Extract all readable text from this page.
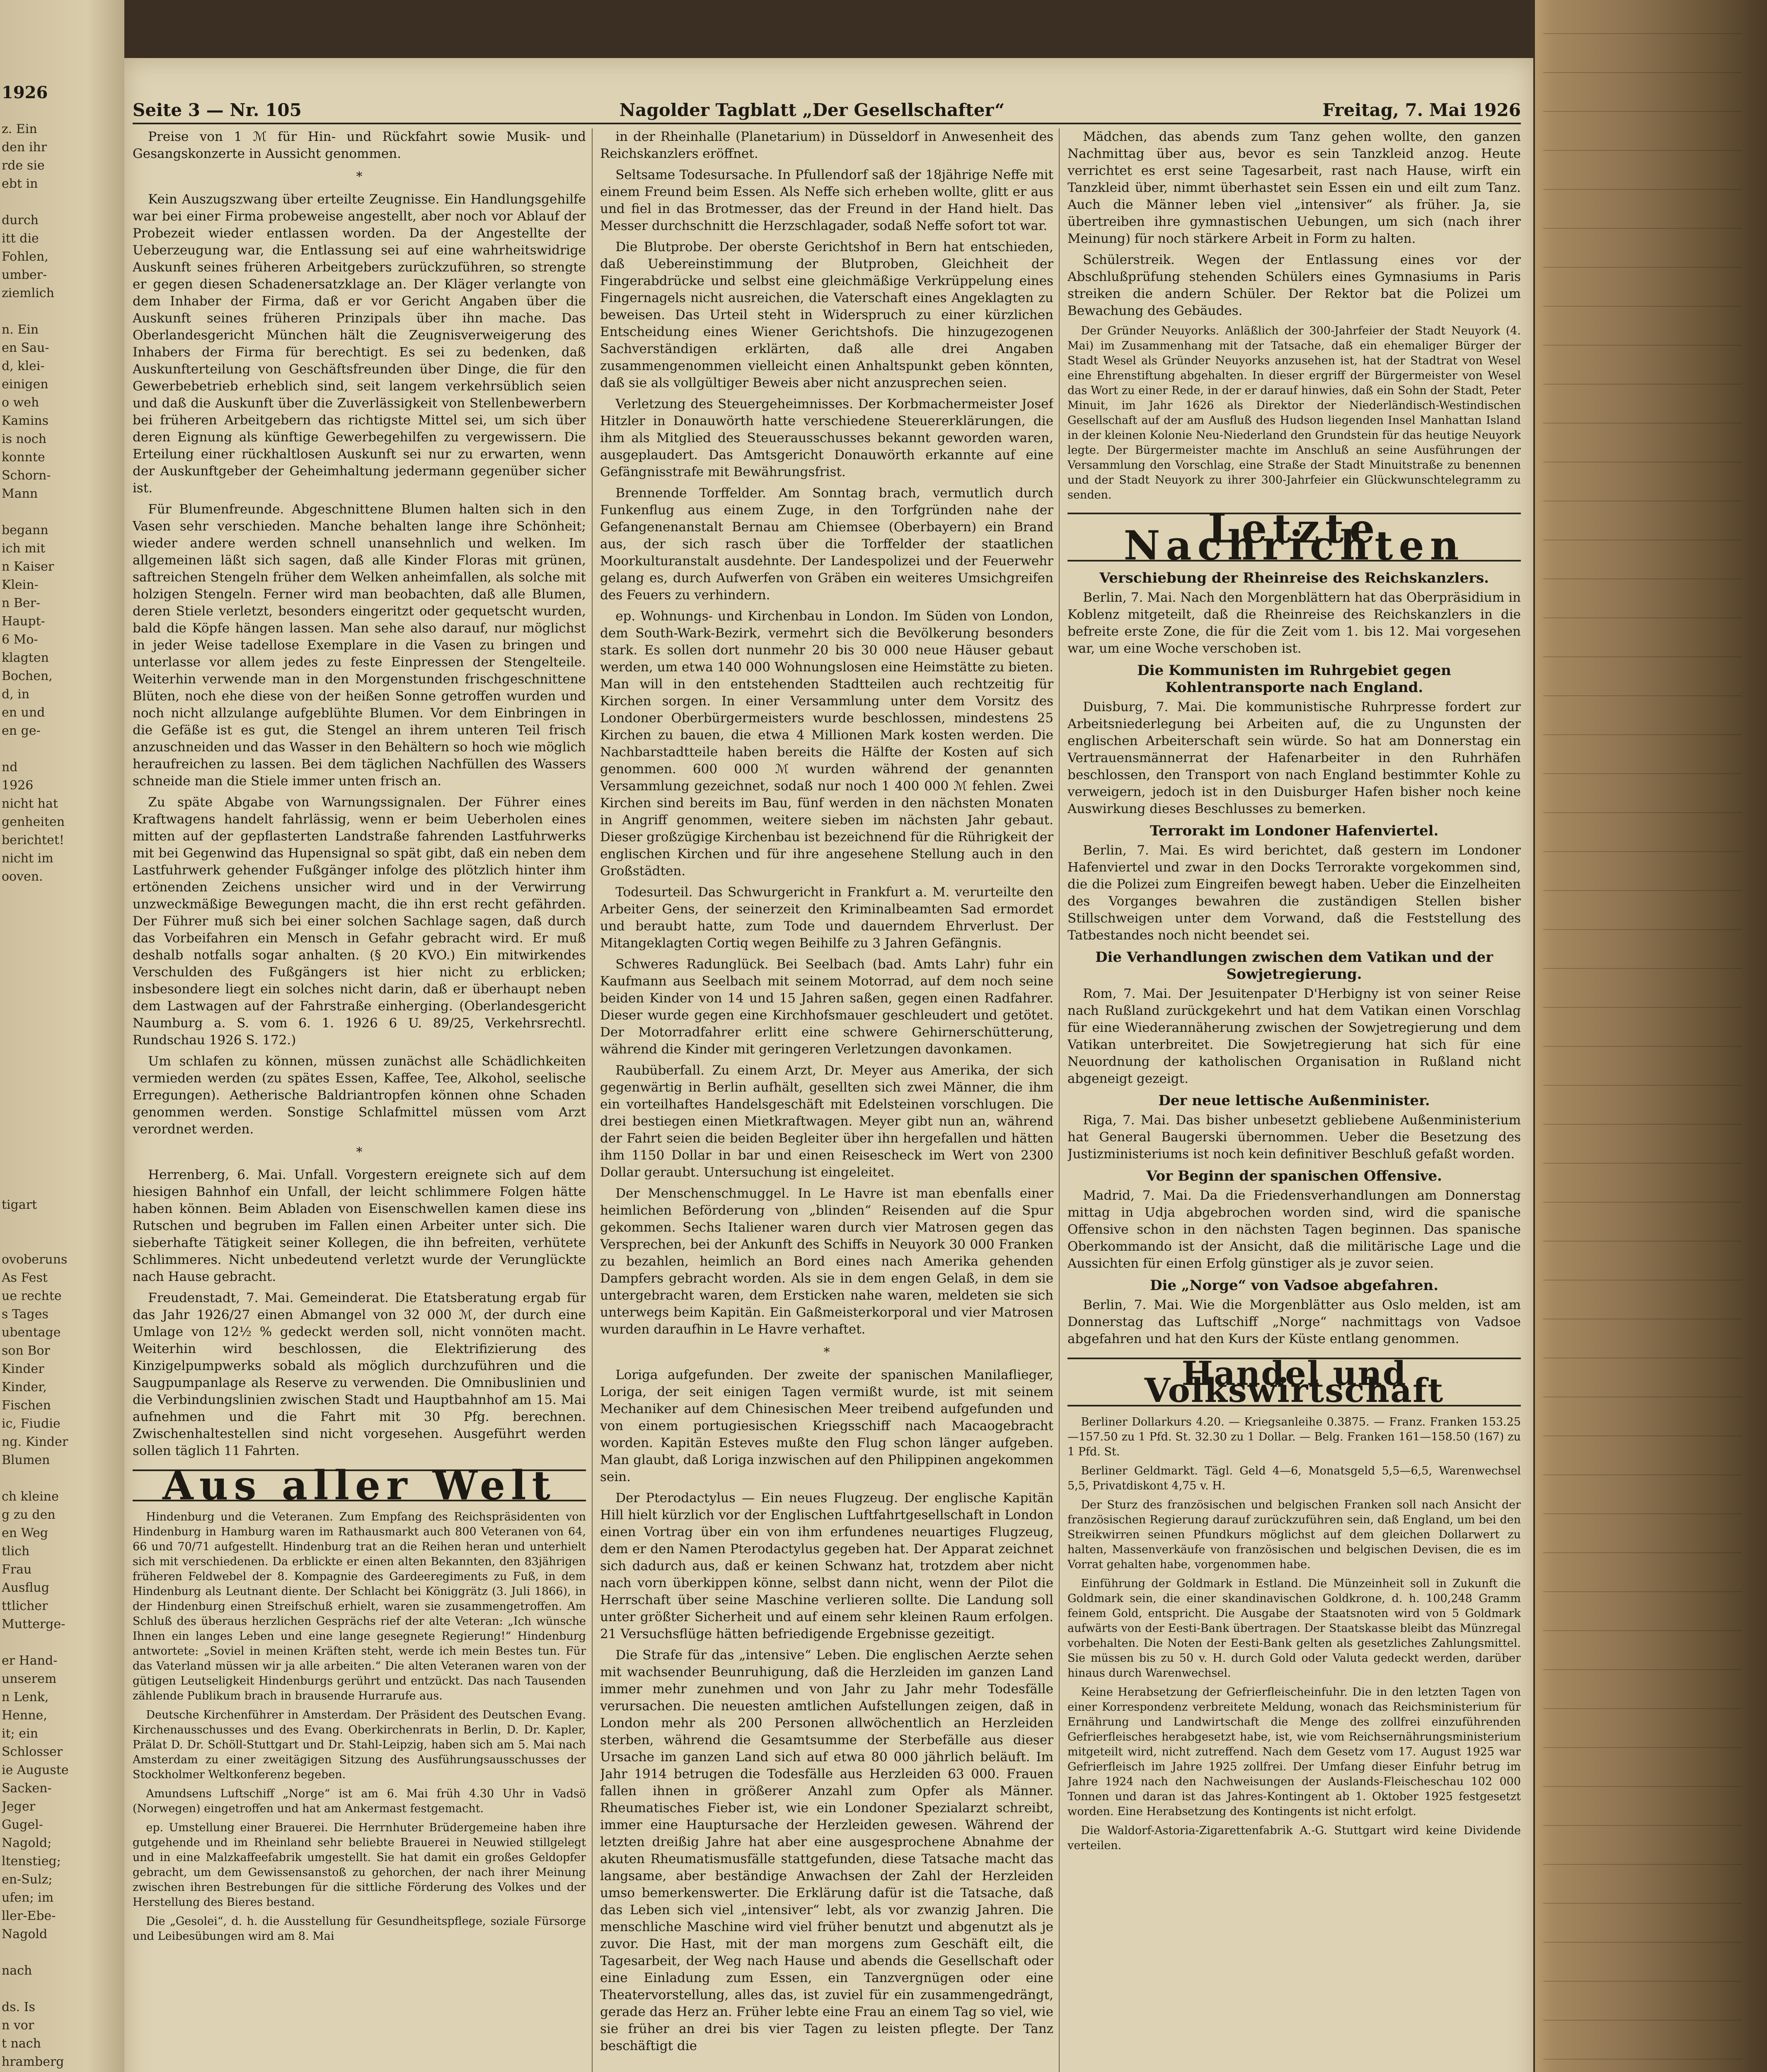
1926
z. Ein
den ihr
rde sie
ebt in

durch
itt die
Fohlen,
umber-
ziemlich

n. Ein
en Sau-
d, klei-
einigen
o weh
Kamins
is noch
konnte
Schorn-
Mann

begann
ich mit
n Kaiser
Klein-
n Ber-
Haupt-
6 Mo-
klagten
Bochen,
d, in
en und
en ge-

nd
1926
nicht hat
genheiten
berichtet!
nicht im
ooven.

tigart

ovoberuns
As Fest
ue rechte
s Tages
ubentage
son Bor
Kinder
Kinder,
Fischen
ic, Fiudie
ng. Kinder
Blumen

ch kleine
g zu den
en Weg
tlich
Frau
Ausflug
ttlicher
Mutterge-

er Hand-
unserem
n Lenk,
Henne,
it; ein
Schlosser
ie Auguste
Sacken-
Jeger
Gugel-
Nagold;
ltenstieg;
en-Sulz;
ufen; im
ller-Ebe-
Nagold

nach

ds. Is
n vor
t nach
hramberg

Seite 3 — Nr. 105	Nagolder Tagblatt „Der Gesellschafter“	Freitag, 7. Mai 1926

Preise von 1 ℳ für Hin- und Rückfahrt sowie Musik- und Gesangskonzerte in Aussicht genommen.

*

Kein Auszugszwang über erteilte Zeugnisse. Ein Handlungsgehilfe war bei einer Firma probeweise angestellt, aber noch vor Ablauf der Probezeit wieder entlassen worden. Da der Angestellte der Ueberzeugung war, die Entlassung sei auf eine wahrheitswidrige Auskunft seines früheren Arbeitgebers zurückzuführen, so strengte er gegen diesen Schadenersatzklage an. Der Kläger verlangte von dem Inhaber der Firma, daß er vor Gericht Angaben über die Auskunft seines früheren Prinzipals über ihn mache. Das Oberlandesgericht München hält die Zeugnisverweigerung des Inhabers der Firma für berechtigt. Es sei zu bedenken, daß Auskunfterteilung von Geschäftsfreunden über Dinge, die für den Gewerbebetrieb erheblich sind, seit langem verkehrsüblich seien und daß die Auskunft über die Zuverlässigkeit von Stellenbewerbern bei früheren Arbeitgebern das richtigste Mittel sei, um sich über deren Eignung als künftige Gewerbegehilfen zu vergewissern. Die Erteilung einer rückhaltlosen Auskunft sei nur zu erwarten, wenn der Auskunftgeber der Geheimhaltung jedermann gegenüber sicher ist.

Für Blumenfreunde. Abgeschnittene Blumen halten sich in den Vasen sehr verschieden. Manche behalten lange ihre Schönheit; wieder andere werden schnell unansehnlich und welken. Im allgemeinen läßt sich sagen, daß alle Kinder Floras mit grünen, saftreichen Stengeln früher dem Welken anheimfallen, als solche mit holzigen Stengeln. Ferner wird man beobachten, daß alle Blumen, deren Stiele verletzt, besonders eingeritzt oder gequetscht wurden, bald die Köpfe hängen lassen. Man sehe also darauf, nur möglichst in jeder Weise tadellose Exemplare in die Vasen zu bringen und unterlasse vor allem jedes zu feste Einpressen der Stengelteile. Weiterhin verwende man in den Morgenstunden frischgeschnittene Blüten, noch ehe diese von der heißen Sonne getroffen wurden und noch nicht allzulange aufgeblühte Blumen. Vor dem Einbringen in die Gefäße ist es gut, die Stengel an ihrem unteren Teil frisch anzuschneiden und das Wasser in den Behältern so hoch wie möglich heraufreichen zu lassen. Bei dem täglichen Nachfüllen des Wassers schneide man die Stiele immer unten frisch an.

Zu späte Abgabe von Warnungssignalen. Der Führer eines Kraftwagens handelt fahrlässig, wenn er beim Ueberholen eines mitten auf der gepflasterten Landstraße fahrenden Lastfuhrwerks mit bei Gegenwind das Hupensignal so spät gibt, daß ein neben dem Lastfuhrwerk gehender Fußgänger infolge des plötzlich hinter ihm ertönenden Zeichens unsicher wird und in der Verwirrung unzweckmäßige Bewegungen macht, die ihn erst recht gefährden. Der Führer muß sich bei einer solchen Sachlage sagen, daß durch das Vorbeifahren ein Mensch in Gefahr gebracht wird. Er muß deshalb notfalls sogar anhalten. (§ 20 KVO.) Ein mitwirkendes Verschulden des Fußgängers ist hier nicht zu erblicken; insbesondere liegt ein solches nicht darin, daß er überhaupt neben dem Lastwagen auf der Fahrstraße einherging. (Oberlandesgericht Naumburg a. S. vom 6. 1. 1926 6 U. 89/25, Verkehrsrechtl. Rundschau 1926 S. 172.)

Um schlafen zu können, müssen zunächst alle Schädlichkeiten vermieden werden (zu spätes Essen, Kaffee, Tee, Alkohol, seelische Erregungen). Aetherische Baldriantropfen können ohne Schaden genommen werden. Sonstige Schlafmittel müssen vom Arzt verordnet werden.

*

Herrenberg, 6. Mai. Unfall. Vorgestern ereignete sich auf dem hiesigen Bahnhof ein Unfall, der leicht schlimmere Folgen hätte haben können. Beim Abladen von Eisenschwellen kamen diese ins Rutschen und begruben im Fallen einen Arbeiter unter sich. Die sieberhafte Tätigkeit seiner Kollegen, die ihn befreiten, verhütete Schlimmeres. Nicht unbedeutend verletzt wurde der Verunglückte nach Hause gebracht.

Freudenstadt, 7. Mai. Gemeinderat. Die Etatsberatung ergab für das Jahr 1926/27 einen Abmangel von 32 000 ℳ, der durch eine Umlage von 12½ % gedeckt werden soll, nicht vonnöten macht. Weiterhin wird beschlossen, die Elektrifizierung des Kinzigelpumpwerks sobald als möglich durchzuführen und die Saugpumpanlage als Reserve zu verwenden. Die Omnibuslinien und die Verbindungslinien zwischen Stadt und Hauptbahnhof am 15. Mai aufnehmen und die Fahrt mit 30 Pfg. berechnen. Zwischenhaltestellen sind nicht vorgesehen. Ausgeführt werden sollen täglich 11 Fahrten.

Aus aller Welt

Hindenburg und die Veteranen. Zum Empfang des Reichspräsidenten von Hindenburg in Hamburg waren im Rathausmarkt auch 800 Veteranen von 64, 66 und 70/71 aufgestellt. Hindenburg trat an die Reihen heran und unterhielt sich mit verschiedenen. Da erblickte er einen alten Bekannten, den 83jährigen früheren Feldwebel der 8. Kompagnie des Gardeeregiments zu Fuß, in dem Hindenburg als Leutnant diente. Der Schlacht bei Königgrätz (3. Juli 1866), in der Hindenburg einen Streifschuß erhielt, waren sie zusammengetroffen. Am Schluß des überaus herzlichen Gesprächs rief der alte Veteran: „Ich wünsche Ihnen ein langes Leben und eine lange gesegnete Regierung!“ Hindenburg antwortete: „Soviel in meinen Kräften steht, werde ich mein Bestes tun. Für das Vaterland müssen wir ja alle arbeiten.“ Die alten Veteranen waren von der gütigen Leutseligkeit Hindenburgs gerührt und entzückt. Das nach Tausenden zählende Publikum brach in brausende Hurrarufe aus.

Deutsche Kirchenführer in Amsterdam. Der Präsident des Deutschen Evang. Kirchenausschusses und des Evang. Oberkirchenrats in Berlin, D. Dr. Kapler, Prälat D. Dr. Schöll-Stuttgart und Dr. Stahl-Leipzig, haben sich am 5. Mai nach Amsterdam zu einer zweitägigen Sitzung des Ausführungsausschusses der Stockholmer Weltkonferenz begeben.

Amundsens Luftschiff „Norge“ ist am 6. Mai früh 4.30 Uhr in Vadsö (Norwegen) eingetroffen und hat am Ankermast festgemacht.

ep. Umstellung einer Brauerei. Die Herrnhuter Brüdergemeine haben ihre gutgehende und im Rheinland sehr beliebte Brauerei in Neuwied stillgelegt und in eine Malzkaffeefabrik umgestellt. Sie hat damit ein großes Geldopfer gebracht, um dem Gewissensanstoß zu gehorchen, der nach ihrer Meinung zwischen ihren Bestrebungen für die sittliche Förderung des Volkes und der Herstellung des Bieres bestand.

Die „Gesolei“, d. h. die Ausstellung für Gesundheitspflege, soziale Fürsorge und Leibesübungen wird am 8. Mai

in der Rheinhalle (Planetarium) in Düsseldorf in Anwesenheit des Reichskanzlers eröffnet.

Seltsame Todesursache. In Pfullendorf saß der 18jährige Neffe mit einem Freund beim Essen. Als Neffe sich erheben wollte, glitt er aus und fiel in das Brotmesser, das der Freund in der Hand hielt. Das Messer durchschnitt die Herzschlagader, sodaß Neffe sofort tot war.

Die Blutprobe. Der oberste Gerichtshof in Bern hat entschieden, daß Uebereinstimmung der Blutproben, Gleichheit der Fingerabdrücke und selbst eine gleichmäßige Verkrüppelung eines Fingernagels nicht ausreichen, die Vaterschaft eines Angeklagten zu beweisen. Das Urteil steht in Widerspruch zu einer kürzlichen Entscheidung eines Wiener Gerichtshofs. Die hinzugezogenen Sachverständigen erklärten, daß alle drei Angaben zusammengenommen vielleicht einen Anhaltspunkt geben könnten, daß sie als vollgültiger Beweis aber nicht anzusprechen seien.

Verletzung des Steuergeheimnisses. Der Korbmachermeister Josef Hitzler in Donauwörth hatte verschiedene Steuererklärungen, die ihm als Mitglied des Steuerausschusses bekannt geworden waren, ausgeplaudert. Das Amtsgericht Donauwörth erkannte auf eine Gefängnisstrafe mit Bewährungsfrist.

Brennende Torffelder. Am Sonntag brach, vermutlich durch Funkenflug aus einem Zuge, in den Torfgründen nahe der Gefangenenanstalt Bernau am Chiemsee (Oberbayern) ein Brand aus, der sich rasch über die Torffelder der staatlichen Moorkulturanstalt ausdehnte. Der Landespolizei und der Feuerwehr gelang es, durch Aufwerfen von Gräben ein weiteres Umsichgreifen des Feuers zu verhindern.

ep. Wohnungs- und Kirchenbau in London. Im Süden von London, dem South-Wark-Bezirk, vermehrt sich die Bevölkerung besonders stark. Es sollen dort nunmehr 20 bis 30 000 neue Häuser gebaut werden, um etwa 140 000 Wohnungslosen eine Heimstätte zu bieten. Man will in den entstehenden Stadtteilen auch rechtzeitig für Kirchen sorgen. In einer Versammlung unter dem Vorsitz des Londoner Oberbürgermeisters wurde beschlossen, mindestens 25 Kirchen zu bauen, die etwa 4 Millionen Mark kosten werden. Die Nachbarstadtteile haben bereits die Hälfte der Kosten auf sich genommen. 600 000 ℳ wurden während der genannten Versammlung gezeichnet, sodaß nur noch 1 400 000 ℳ fehlen. Zwei Kirchen sind bereits im Bau, fünf werden in den nächsten Monaten in Angriff genommen, weitere sieben im nächsten Jahr gebaut. Dieser großzügige Kirchenbau ist bezeichnend für die Rührigkeit der englischen Kirchen und für ihre angesehene Stellung auch in den Großstädten.

Todesurteil. Das Schwurgericht in Frankfurt a. M. verurteilte den Arbeiter Gens, der seinerzeit den Kriminalbeamten Sad ermordet und beraubt hatte, zum Tode und dauerndem Ehrverlust. Der Mitangeklagten Cortiq wegen Beihilfe zu 3 Jahren Gefängnis.

Schweres Radunglück. Bei Seelbach (bad. Amts Lahr) fuhr ein Kaufmann aus Seelbach mit seinem Motorrad, auf dem noch seine beiden Kinder von 14 und 15 Jahren saßen, gegen einen Radfahrer. Dieser wurde gegen eine Kirchhofsmauer geschleudert und getötet. Der Motorradfahrer erlitt eine schwere Gehirnerschütterung, während die Kinder mit geringeren Verletzungen davonkamen.

Raubüberfall. Zu einem Arzt, Dr. Meyer aus Amerika, der sich gegenwärtig in Berlin aufhält, gesellten sich zwei Männer, die ihm ein vorteilhaftes Handelsgeschäft mit Edelsteinen vorschlugen. Die drei bestiegen einen Mietkraftwagen. Meyer gibt nun an, während der Fahrt seien die beiden Begleiter über ihn hergefallen und hätten ihm 1150 Dollar in bar und einen Reisescheck im Wert von 2300 Dollar geraubt. Untersuchung ist eingeleitet.

Der Menschenschmuggel. In Le Havre ist man ebenfalls einer heimlichen Beförderung von „blinden“ Reisenden auf die Spur gekommen. Sechs Italiener waren durch vier Matrosen gegen das Versprechen, bei der Ankunft des Schiffs in Neuyork 30 000 Franken zu bezahlen, heimlich an Bord eines nach Amerika gehenden Dampfers gebracht worden. Als sie in dem engen Gelaß, in dem sie untergebracht waren, dem Ersticken nahe waren, meldeten sie sich unterwegs beim Kapitän. Ein Gaßmeisterkorporal und vier Matrosen wurden daraufhin in Le Havre verhaftet.

*

Loriga aufgefunden. Der zweite der spanischen Manilaflieger, Loriga, der seit einigen Tagen vermißt wurde, ist mit seinem Mechaniker auf dem Chinesischen Meer treibend aufgefunden und von einem portugiesischen Kriegsschiff nach Macaogebracht worden. Kapitän Esteves mußte den Flug schon länger aufgeben. Man glaubt, daß Loriga inzwischen auf den Philippinen angekommen sein.

Der Pterodactylus — Ein neues Flugzeug. Der englische Kapitän Hill hielt kürzlich vor der Englischen Luftfahrtgesellschaft in London einen Vortrag über ein von ihm erfundenes neuartiges Flugzeug, dem er den Namen Pterodactylus gegeben hat. Der Apparat zeichnet sich dadurch aus, daß er keinen Schwanz hat, trotzdem aber nicht nach vorn überkippen könne, selbst dann nicht, wenn der Pilot die Herrschaft über seine Maschine verlieren sollte. Die Landung soll unter größter Sicherheit und auf einem sehr kleinen Raum erfolgen. 21 Versuchsflüge hätten befriedigende Ergebnisse gezeitigt.

Die Strafe für das „intensive“ Leben. Die englischen Aerzte sehen mit wachsender Beunruhigung, daß die Herzleiden im ganzen Land immer mehr zunehmen und von Jahr zu Jahr mehr Todesfälle verursachen. Die neuesten amtlichen Aufstellungen zeigen, daß in London mehr als 200 Personen allwöchentlich an Herzleiden sterben, während die Gesamtsumme der Sterbefälle aus dieser Ursache im ganzen Land sich auf etwa 80 000 jährlich beläuft. Im Jahr 1914 betrugen die Todesfälle aus Herzleiden 63 000. Frauen fallen ihnen in größerer Anzahl zum Opfer als Männer. Rheumatisches Fieber ist, wie ein Londoner Spezialarzt schreibt, immer eine Hauptursache der Herzleiden gewesen. Während der letzten dreißig Jahre hat aber eine ausgesprochene Abnahme der akuten Rheumatismusfälle stattgefunden, diese Tatsache macht das langsame, aber beständige Anwachsen der Zahl der Herzleiden umso bemerkenswerter. Die Erklärung dafür ist die Tatsache, daß das Leben sich viel „intensiver“ lebt, als vor zwanzig Jahren. Die menschliche Maschine wird viel früher benutzt und abgenutzt als je zuvor. Die Hast, mit der man morgens zum Geschäft eilt, die Tagesarbeit, der Weg nach Hause und abends die Gesellschaft oder eine Einladung zum Essen, ein Tanzvergnügen oder eine Theatervorstellung, alles das, ist zuviel für ein zusammengedrängt, gerade das Herz an. Früher lebte eine Frau an einem Tag so viel, wie sie früher an drei bis vier Tagen zu leisten pflegte. Der Tanz beschäftigt die

Mädchen, das abends zum Tanz gehen wollte, den ganzen Nachmittag über aus, bevor es sein Tanzkleid anzog. Heute verrichtet es erst seine Tagesarbeit, rast nach Hause, wirft ein Tanzkleid über, nimmt überhastet sein Essen ein und eilt zum Tanz. Auch die Männer leben viel „intensiver“ als früher. Ja, sie übertreiben ihre gymnastischen Uebungen, um sich (nach ihrer Meinung) für noch stärkere Arbeit in Form zu halten.

Schülerstreik. Wegen der Entlassung eines vor der Abschlußprüfung stehenden Schülers eines Gymnasiums in Paris streiken die andern Schüler. Der Rektor bat die Polizei um Bewachung des Gebäudes.

Der Gründer Neuyorks. Anläßlich der 300-Jahrfeier der Stadt Neuyork (4. Mai) im Zusammenhang mit der Tatsache, daß ein ehemaliger Bürger der Stadt Wesel als Gründer Neuyorks anzusehen ist, hat der Stadtrat von Wesel eine Ehrenstiftung abgehalten. In dieser ergriff der Bürgermeister von Wesel das Wort zu einer Rede, in der er darauf hinwies, daß ein Sohn der Stadt, Peter Minuit, im Jahr 1626 als Direktor der Niederländisch-Westindischen Gesellschaft auf der am Ausfluß des Hudson liegenden Insel Manhattan Island in der kleinen Kolonie Neu-Niederland den Grundstein für das heutige Neuyork legte. Der Bürgermeister machte im Anschluß an seine Ausführungen der Versammlung den Vorschlag, eine Straße der Stadt Minuitstraße zu benennen und der Stadt Neuyork zu ihrer 300-Jahrfeier ein Glückwunschtelegramm zu senden.

Letzte Nachrichten
Verschiebung der Rheinreise des Reichskanzlers.

Berlin, 7. Mai. Nach den Morgenblättern hat das Oberpräsidium in Koblenz mitgeteilt, daß die Rheinreise des Reichskanzlers in die befreite erste Zone, die für die Zeit vom 1. bis 12. Mai vorgesehen war, um eine Woche verschoben ist.

Die Kommunisten im Ruhrgebiet gegen Kohlentransporte nach England.

Duisburg, 7. Mai. Die kommunistische Ruhrpresse fordert zur Arbeitsniederlegung bei Arbeiten auf, die zu Ungunsten der englischen Arbeiterschaft sein würde. So hat am Donnerstag ein Vertrauensmännerrat der Hafenarbeiter in den Ruhrhäfen beschlossen, den Transport von nach England bestimmter Kohle zu verweigern, jedoch ist in den Duisburger Hafen bisher noch keine Auswirkung dieses Beschlusses zu bemerken.

Terrorakt im Londoner Hafenviertel.

Berlin, 7. Mai. Es wird berichtet, daß gestern im Londoner Hafenviertel und zwar in den Docks Terrorakte vorgekommen sind, die die Polizei zum Eingreifen bewegt haben. Ueber die Einzelheiten des Vorganges bewahren die zuständigen Stellen bisher Stillschweigen unter dem Vorwand, daß die Feststellung des Tatbestandes noch nicht beendet sei.

Die Verhandlungen zwischen dem Vatikan und der Sowjetregierung.

Rom, 7. Mai. Der Jesuitenpater D'Herbigny ist von seiner Reise nach Rußland zurückgekehrt und hat dem Vatikan einen Vorschlag für eine Wiederannäherung zwischen der Sowjetregierung und dem Vatikan unterbreitet. Die Sowjetregierung hat sich für eine Neuordnung der katholischen Organisation in Rußland nicht abgeneigt gezeigt.

Der neue lettische Außenminister.

Riga, 7. Mai. Das bisher unbesetzt gebliebene Außenministerium hat General Baugerski übernommen. Ueber die Besetzung des Justizministeriums ist noch kein definitiver Beschluß gefaßt worden.

Vor Beginn der spanischen Offensive.

Madrid, 7. Mai. Da die Friedensverhandlungen am Donnerstag mittag in Udja abgebrochen worden sind, wird die spanische Offensive schon in den nächsten Tagen beginnen. Das spanische Oberkommando ist der Ansicht, daß die militärische Lage und die Aussichten für einen Erfolg günstiger als je zuvor seien.

Die „Norge“ von Vadsoe abgefahren.

Berlin, 7. Mai. Wie die Morgenblätter aus Oslo melden, ist am Donnerstag das Luftschiff „Norge“ nachmittags von Vadsoe abgefahren und hat den Kurs der Küste entlang genommen.

Handel und Volkswirtschaft

Berliner Dollarkurs 4.20. — Kriegsanleihe 0.3875. — Franz. Franken 153.25—157.50 zu 1 Pfd. St. 32.30 zu 1 Dollar. — Belg. Franken 161—158.50 (167) zu 1 Pfd. St.

Berliner Geldmarkt. Tägl. Geld 4—6, Monatsgeld 5,5—6,5, Warenwechsel 5,5, Privatdiskont 4,75 v. H.

Der Sturz des französischen und belgischen Franken soll nach Ansicht der französischen Regierung darauf zurückzuführen sein, daß England, um bei den Streikwirren seinen Pfundkurs möglichst auf dem gleichen Dollarwert zu halten, Massenverkäufe von französischen und belgischen Devisen, die es im Vorrat gehalten habe, vorgenommen habe.

Einführung der Goldmark in Estland. Die Münzeinheit soll in Zukunft die Goldmark sein, die einer skandinavischen Goldkrone, d. h. 100,248 Gramm feinem Gold, entspricht. Die Ausgabe der Staatsnoten wird von 5 Goldmark aufwärts von der Eesti-Bank übertragen. Der Staatskasse bleibt das Münzregal vorbehalten. Die Noten der Eesti-Bank gelten als gesetzliches Zahlungsmittel. Sie müssen bis zu 50 v. H. durch Gold oder Valuta gedeckt werden, darüber hinaus durch Warenwechsel.

Keine Herabsetzung der Gefrierfleischeinfuhr. Die in den letzten Tagen von einer Korrespondenz verbreitete Meldung, wonach das Reichsministerium für Ernährung und Landwirtschaft die Menge des zollfrei einzuführenden Gefrierfleisches herabgesetzt habe, ist, wie vom Reichsernährungsministerium mitgeteilt wird, nicht zutreffend. Nach dem Gesetz vom 17. August 1925 war Gefrierfleisch im Jahre 1925 zollfrei. Der Umfang dieser Einfuhr betrug im Jahre 1924 nach den Nachweisungen der Auslands-Fleischeschau 102 000 Tonnen und daran ist das Jahres-Kontingent ab 1. Oktober 1925 festgesetzt worden. Eine Herabsetzung des Kontingents ist nicht erfolgt.

Die Waldorf-Astoria-Zigarettenfabrik A.-G. Stuttgart wird keine Dividende verteilen.
